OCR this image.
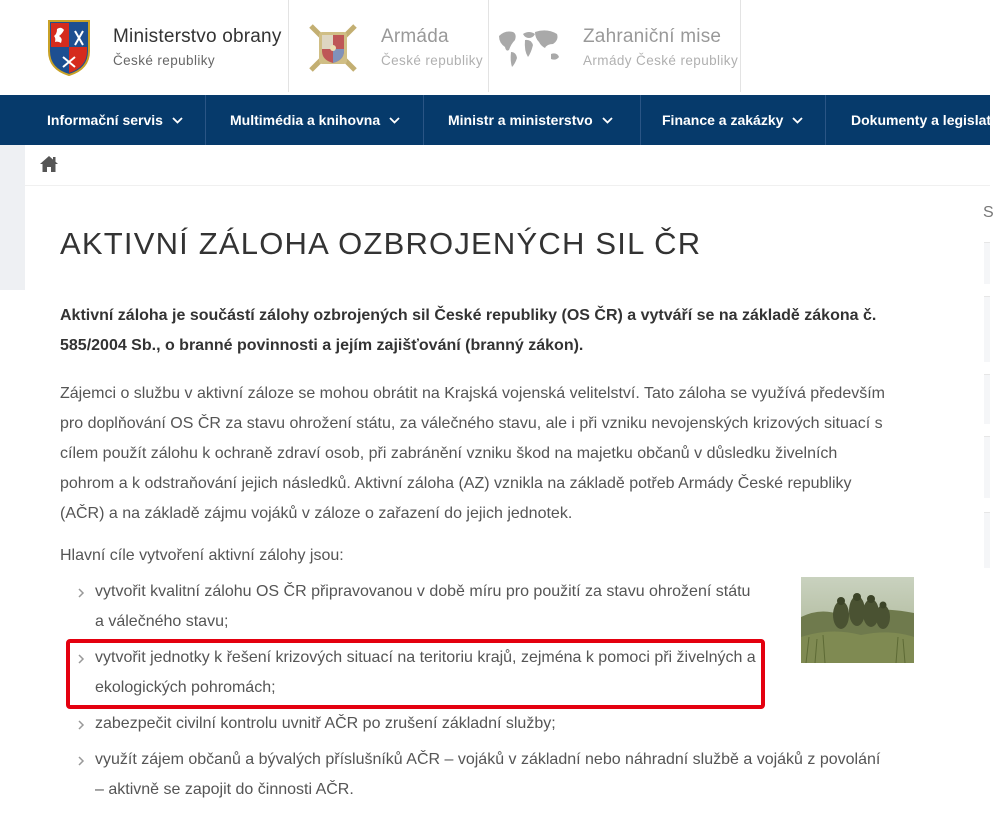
Ministerstvo obrany
České republiky
Armáda
České republiky
Zahraniční mise
Armády České republiky
Informační servis	Multimédia a knihovna	Ministr a ministerstvo	Finance a zakázky	Dokumenty a legislat
AKTIVNÍ ZÁLOHA OZBROJENÝCH SIL ČR

Aktivní záloha je součástí zálohy ozbrojených sil České republiky (OS ČR) a vytváří se na základě zákona č. 585/2004 Sb., o branné povinnosti a jejím zajišťování (branný zákon).

Zájemci o službu v aktivní záloze se mohou obrátit na Krajská vojenská velitelství. Tato záloha se využívá především pro doplňování OS ČR za stavu ohrožení státu, za válečného stavu, ale i při vzniku nevojenských krizových situací s cílem použít zálohu k ochraně zdraví osob, při zabránění vzniku škod na majetku občanů v důsledku živelních pohrom a k odstraňování jejich následků. Aktivní záloha (AZ) vznikla na základě potřeb Armády České republiky (AČR) a na základě zájmu vojáků v záloze o zařazení do jejich jednotek.

Hlavní cíle vytvoření aktivní zálohy jsou:

vytvořit kvalitní zálohu OS ČR připravovanou v době míru pro použití za stavu ohrožení státu a válečného stavu;
vytvořit jednotky k řešení krizových situací na teritoriu krajů, zejména k pomoci při živelných a ekologických pohromách;
zabezpečit civilní kontrolu uvnitř AČR po zrušení základní služby;
využít zájem občanů a bývalých příslušníků AČR – vojáků v základní nebo náhradní službě a vojáků z povolání – aktivně se zapojit do činnosti AČR.
S
